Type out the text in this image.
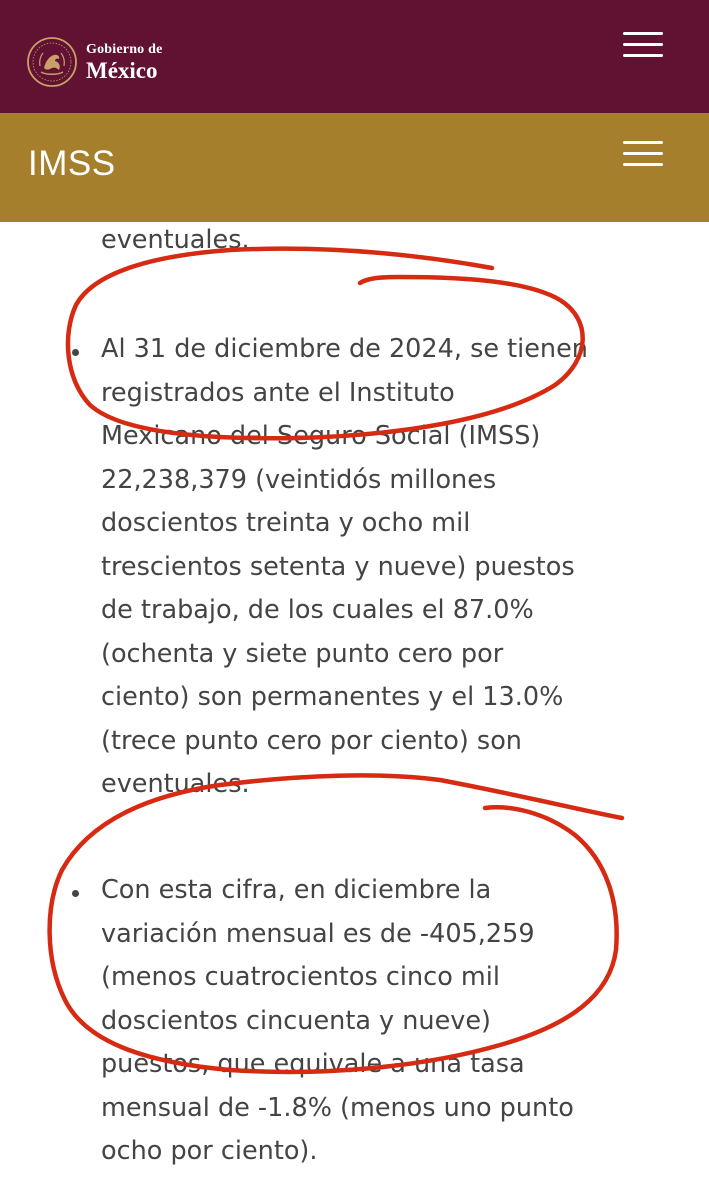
Gobierno de
México
IMSS
eventuales.
Al 31 de diciembre de 2024, se tienen
registrados ante el Instituto
Mexicano del Seguro Social (IMSS)
22,238,379 (veintidós millones
doscientos treinta y ocho mil
trescientos setenta y nueve) puestos
de trabajo, de los cuales el 87.0%
(ochenta y siete punto cero por
ciento) son permanentes y el 13.0%
(trece punto cero por ciento) son
eventuales.
Con esta cifra, en diciembre la
variación mensual es de -405,259
(menos cuatrocientos cinco mil
doscientos cincuenta y nueve)
puestos, que equivale a una tasa
mensual de -1.8% (menos uno punto
ocho por ciento).
